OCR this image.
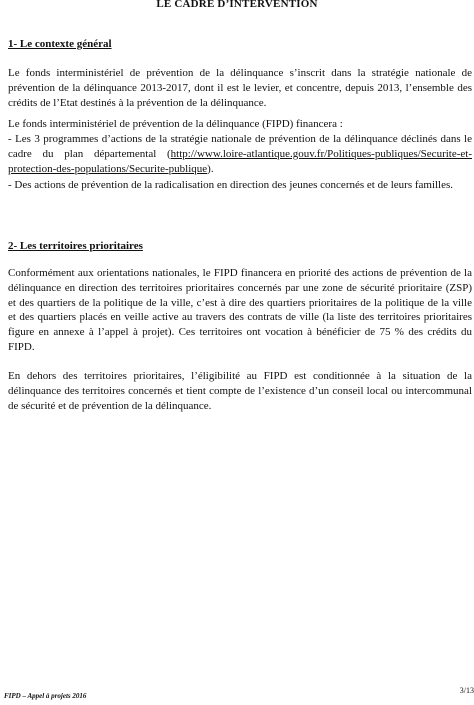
LE CADRE D’INTERVENTION
1- Le contexte général

Le fonds interministériel de prévention de la délinquance s’inscrit dans la stratégie nationale de prévention de la délinquance 2013-2017, dont il est le levier, et concentre, depuis 2013, l’ensemble des crédits de l’Etat destinés à la prévention de la délinquance.

Le fonds interministériel de prévention de la délinquance (FIPD) financera :

- Les 3 programmes d’actions de la stratégie nationale de prévention de la délinquance déclinés dans le cadre du plan départemental (http://www.loire-atlantique.gouv.fr/Politiques-publiques/Securite-et-protection-des-populations/Securite-publique).

- Des actions de prévention de la radicalisation en direction des jeunes concernés et de leurs familles.

2- Les territoires prioritaires

Conformément aux orientations nationales, le FIPD financera en priorité des actions de prévention de la délinquance en direction des territoires prioritaires concernés par une zone de sécurité prioritaire (ZSP) et des quartiers de la politique de la ville, c’est à dire des quartiers prioritaires de la politique de la ville et des quartiers placés en veille active au travers des contrats de ville (la liste des territoires prioritaires figure en annexe à l’appel à projet). Ces territoires ont vocation à bénéficier de 75 % des crédits du FIPD.

En dehors des territoires prioritaires, l’éligibilité au FIPD est conditionnée à la situation de la délinquance des territoires concernés et tient compte de l’existence d’un conseil local ou intercommunal de sécurité et de prévention de la délinquance.

FIPD – Appel à projets 2016
3/13
